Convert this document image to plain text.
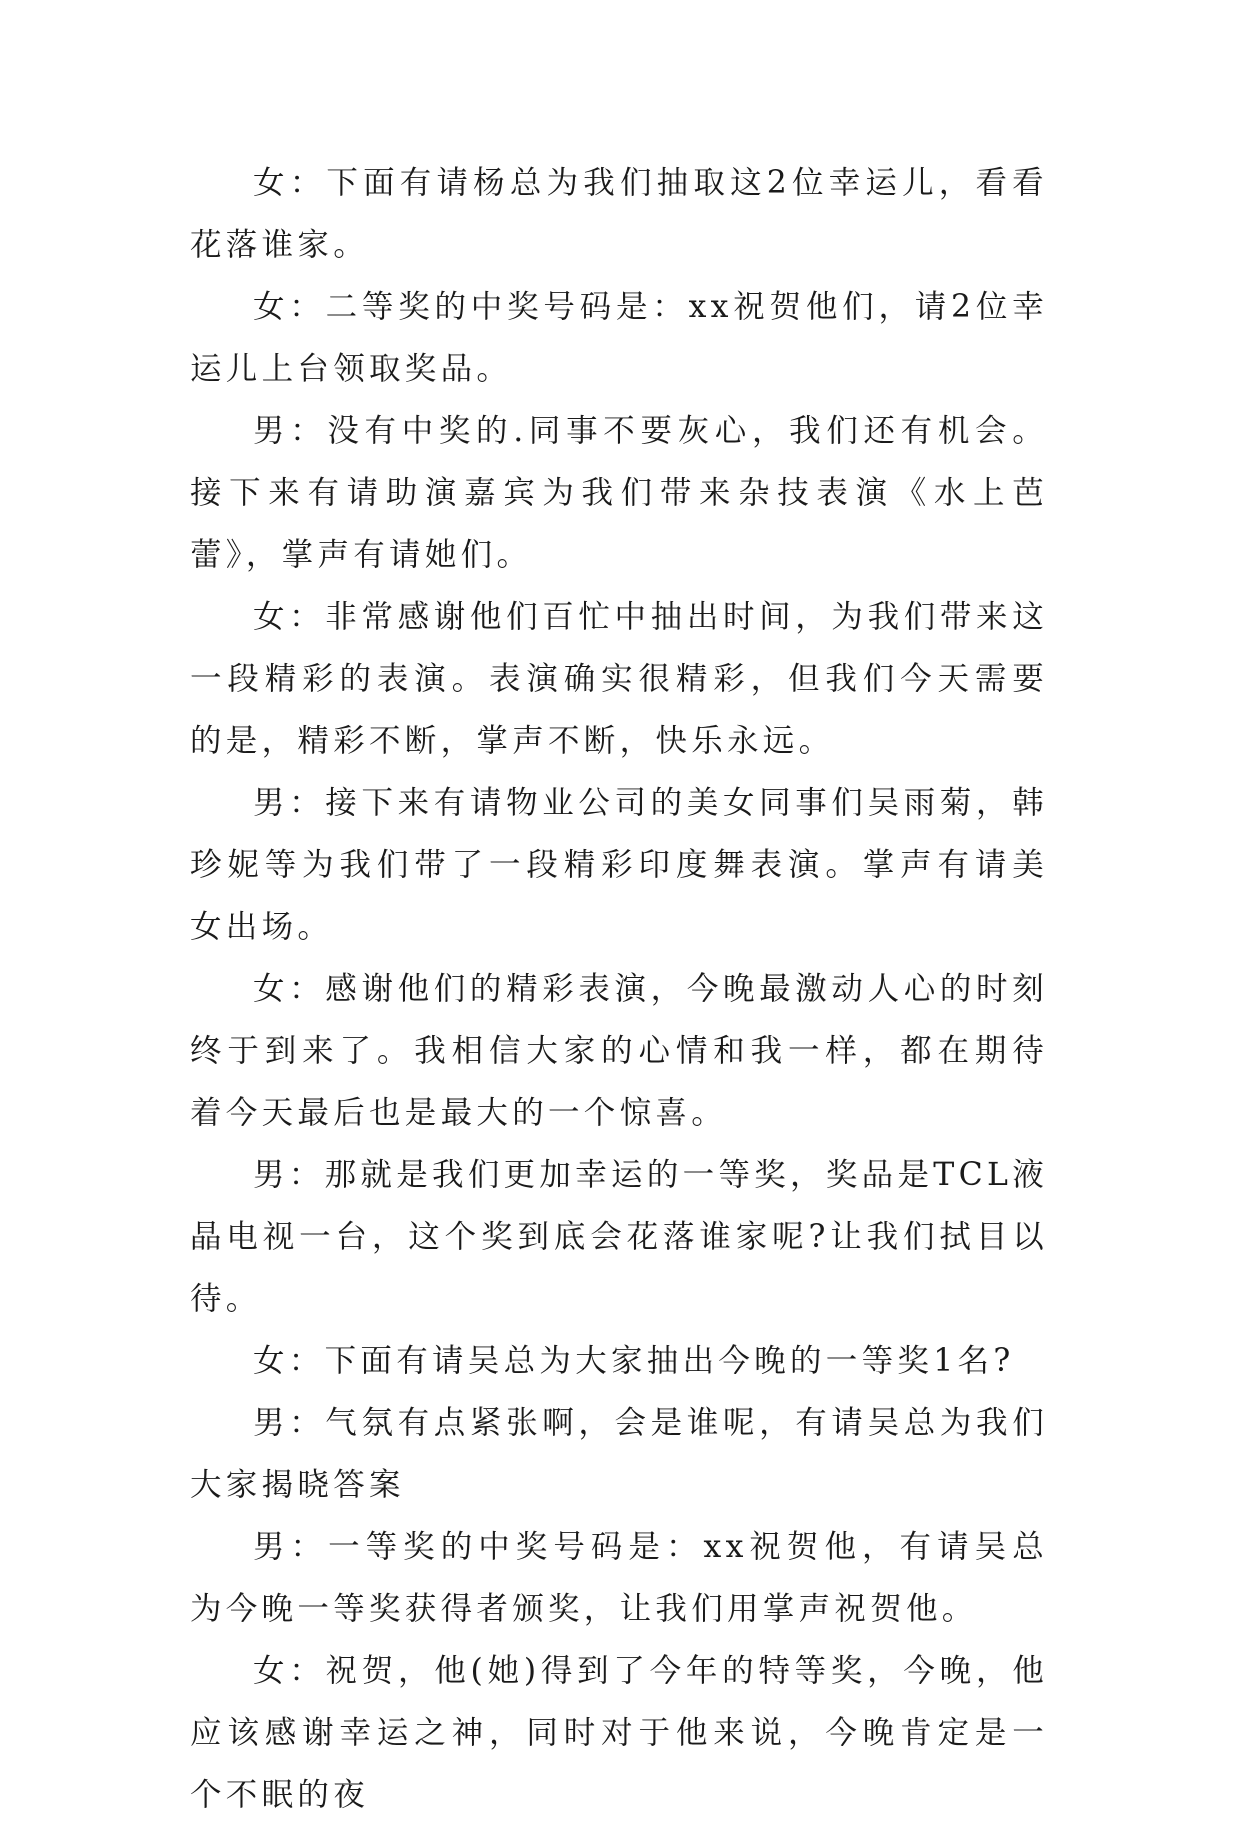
女：下面有请杨总为我们抽取这2位幸运儿，看看花落谁家。

女：二等奖的中奖号码是：xx祝贺他们，请2位幸运儿上台领取奖品。

男：没有中奖的.同事不要灰心，我们还有机会。接下来有请助演嘉宾为我们带来杂技表演《水上芭蕾》，掌声有请她们。

女：非常感谢他们百忙中抽出时间，为我们带来这一段精彩的表演。表演确实很精彩，但我们今天需要的是，精彩不断，掌声不断，快乐永远。

男：接下来有请物业公司的美女同事们吴雨菊，韩珍妮等为我们带了一段精彩印度舞表演。掌声有请美女出场。

女：感谢他们的精彩表演，今晚最激动人心的时刻终于到来了。我相信大家的心情和我一样，都在期待着今天最后也是最大的一个惊喜。

男：那就是我们更加幸运的一等奖，奖品是TCL液晶电视一台，这个奖到底会花落谁家呢?让我们拭目以待。

女：下面有请吴总为大家抽出今晚的一等奖1名?

男：气氛有点紧张啊，会是谁呢，有请吴总为我们大家揭晓答案

男：一等奖的中奖号码是：xx祝贺他，有请吴总为今晚一等奖获得者颁奖，让我们用掌声祝贺他。

女：祝贺，他(她)得到了今年的特等奖，今晚，他应该感谢幸运之神，同时对于他来说，今晚肯定是一个不眠的夜
